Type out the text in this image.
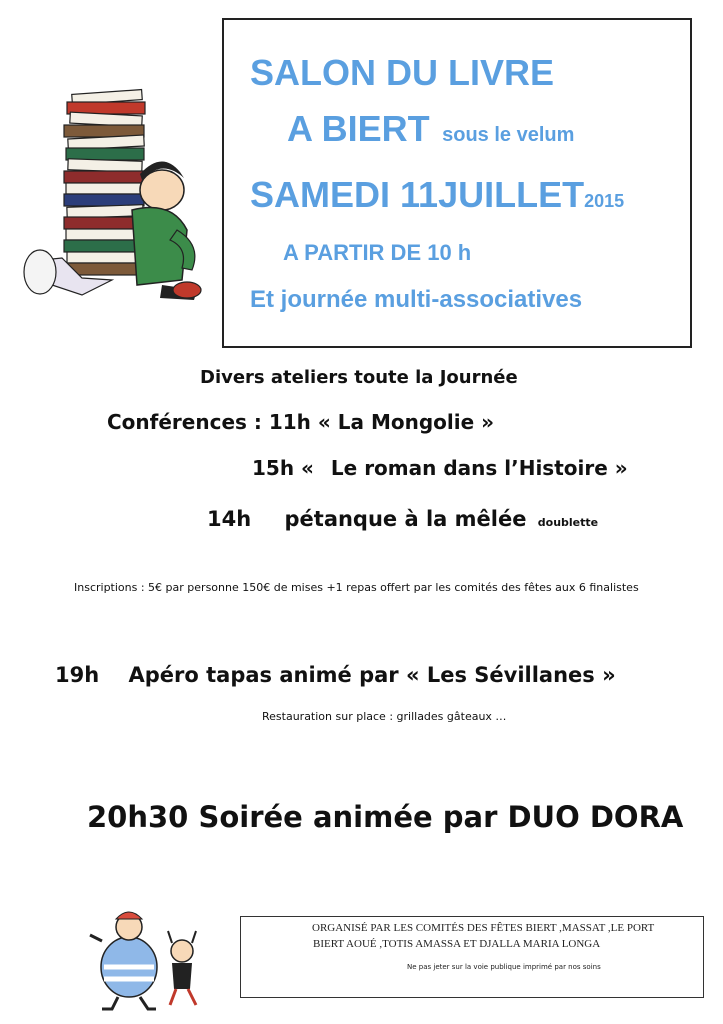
SALON DU LIVRE
A BIERT sous le velum
SAMEDI 11JUILLET2015
A PARTIR DE 10 h
Et journée multi-associatives
Divers ateliers toute la Journée
Conférences : 11h « La Mongolie »
15h « Le roman dans l’Histoire »
14h pétanque à la mêlée doublette
Inscriptions : 5€ par personne 150€ de mises +1 repas offert par les comités des fêtes aux 6 finalistes
19h Apéro tapas animé par « Les Sévillanes »
Restauration sur place : grillades gâteaux …
20h30 Soirée animée par DUO DORA
ORGANISÉ PAR LES COMITÉS DES FÊTES BIERT ,MASSAT ,LE PORT
BIERT AOUÉ ,TOTIS AMASSA ET DJALLA MARIA LONGA
Ne pas jeter sur la voie publique imprimé par nos soins
